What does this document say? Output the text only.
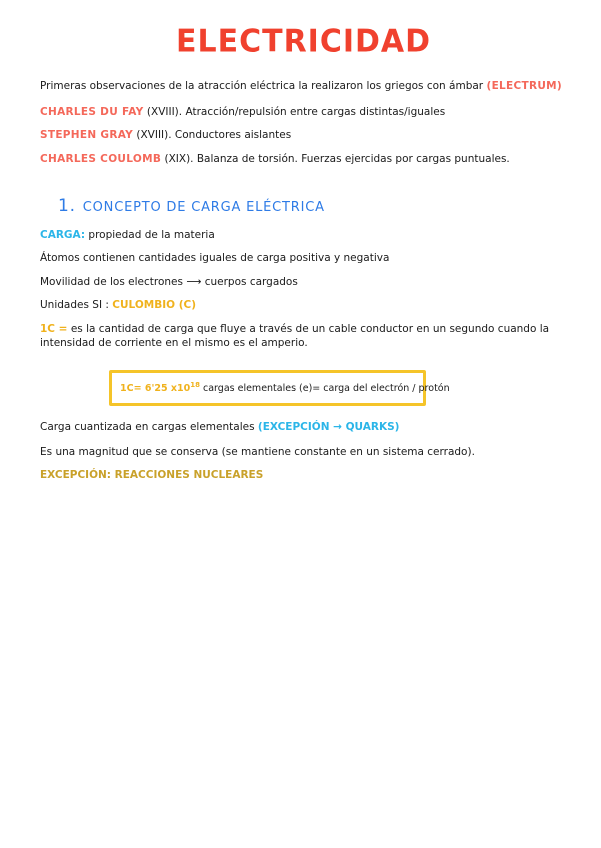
ELECTRICIDAD
Primeras observaciones de la atracción eléctrica la realizaron los griegos con ámbar (ELECTRUM)
CHARLES DU FAY (XVIII). Atracción/repulsión entre cargas distintas/iguales
STEPHEN GRAY (XVIII). Conductores aislantes
CHARLES COULOMB (XIX). Balanza de torsión. Fuerzas ejercidas por cargas puntuales.
1. CONCEPTO DE CARGA ELÉCTRICA
CARGA: propiedad de la materia
Átomos contienen cantidades iguales de carga positiva y negativa
Movilidad de los electrones ⟶ cuerpos cargados
Unidades SI : CULOMBIO (C)
1C = es la cantidad de carga que fluye a través de un cable conductor en un segundo cuando la intensidad de corriente en el mismo es el amperio.
1C= 6'25 $x10^{18}$ cargas elementales (e)= carga del electrón / protón
Carga cuantizada en cargas elementales (EXCEPCIÓN → QUARKS)
Es una magnitud que se conserva (se mantiene constante en un sistema cerrado).
EXCEPCIÓN: REACCIONES NUCLEARES
